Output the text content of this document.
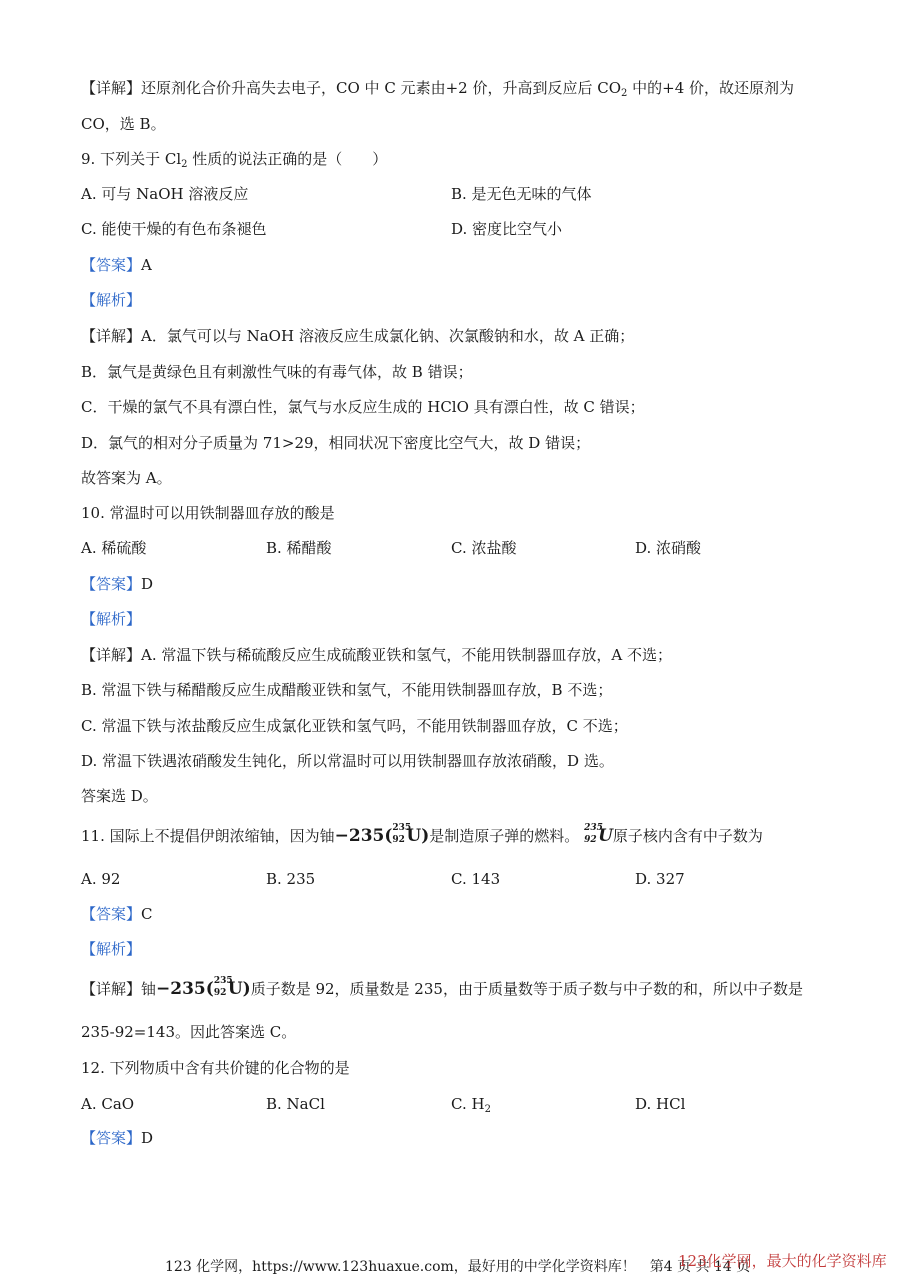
【详解】还原剂化合价升高失去电子，CO 中 C 元素由+2 价，升高到反应后 $CO_2$ 中的+4 价，故还原剂为
CO，选 B。
9. 下列关于 $Cl_2$ 性质的说法正确的是（　　）
A. 可与 NaOH 溶液反应	B. 是无色无味的气体
C. 能使干燥的有色布条褪色	D. 密度比空气小
【答案】A
【解析】
【详解】A．氯气可以与 NaOH 溶液反应生成氯化钠、次氯酸钠和水，故 A 正确；
B．氯气是黄绿色且有刺激性气味的有毒气体，故 B 错误；
C．干燥的氯气不具有漂白性，氯气与水反应生成的 HClO 具有漂白性，故 C 错误；
D．氯气的相对分子质量为 71>29，相同状况下密度比空气大，故 D 错误；
故答案为 A。
10. 常温时可以用铁制器皿存放的酸是
A. 稀硫酸	B. 稀醋酸	C. 浓盐酸	D. 浓硝酸
【答案】D
【解析】
【详解】A. 常温下铁与稀硫酸反应生成硫酸亚铁和氢气，不能用铁制器皿存放，A 不选；
B. 常温下铁与稀醋酸反应生成醋酸亚铁和氢气，不能用铁制器皿存放，B 不选；
C. 常温下铁与浓盐酸反应生成氯化亚铁和氢气吗，不能用铁制器皿存放，C 不选；
D. 常温下铁遇浓硝酸发生钝化，所以常温时可以用铁制器皿存放浓硝酸，D 选。
答案选 D。
11. 国际上不提倡伊朗浓缩铀，因为铀−235( 235
92 U)是制造原子弹的燃料。 235
92 U原子核内含有中子数为
A. 92	B. 235	C. 143	D. 327
【答案】C
【解析】
【详解】铀−235( 235
92 U)质子数是 92，质量数是 235，由于质量数等于质子数与中子数的和，所以中子数是
235-92=143。因此答案选 C。
12. 下列物质中含有共价键的化合物的是
A. CaO	B. NaCl	C. $H_2$	D. HCl
【答案】D
123 化学网，https://www.123huaxue.com，最好用的中学化学资料库！　第4 页 共 14 页
123化学网，最大的化学资料库
